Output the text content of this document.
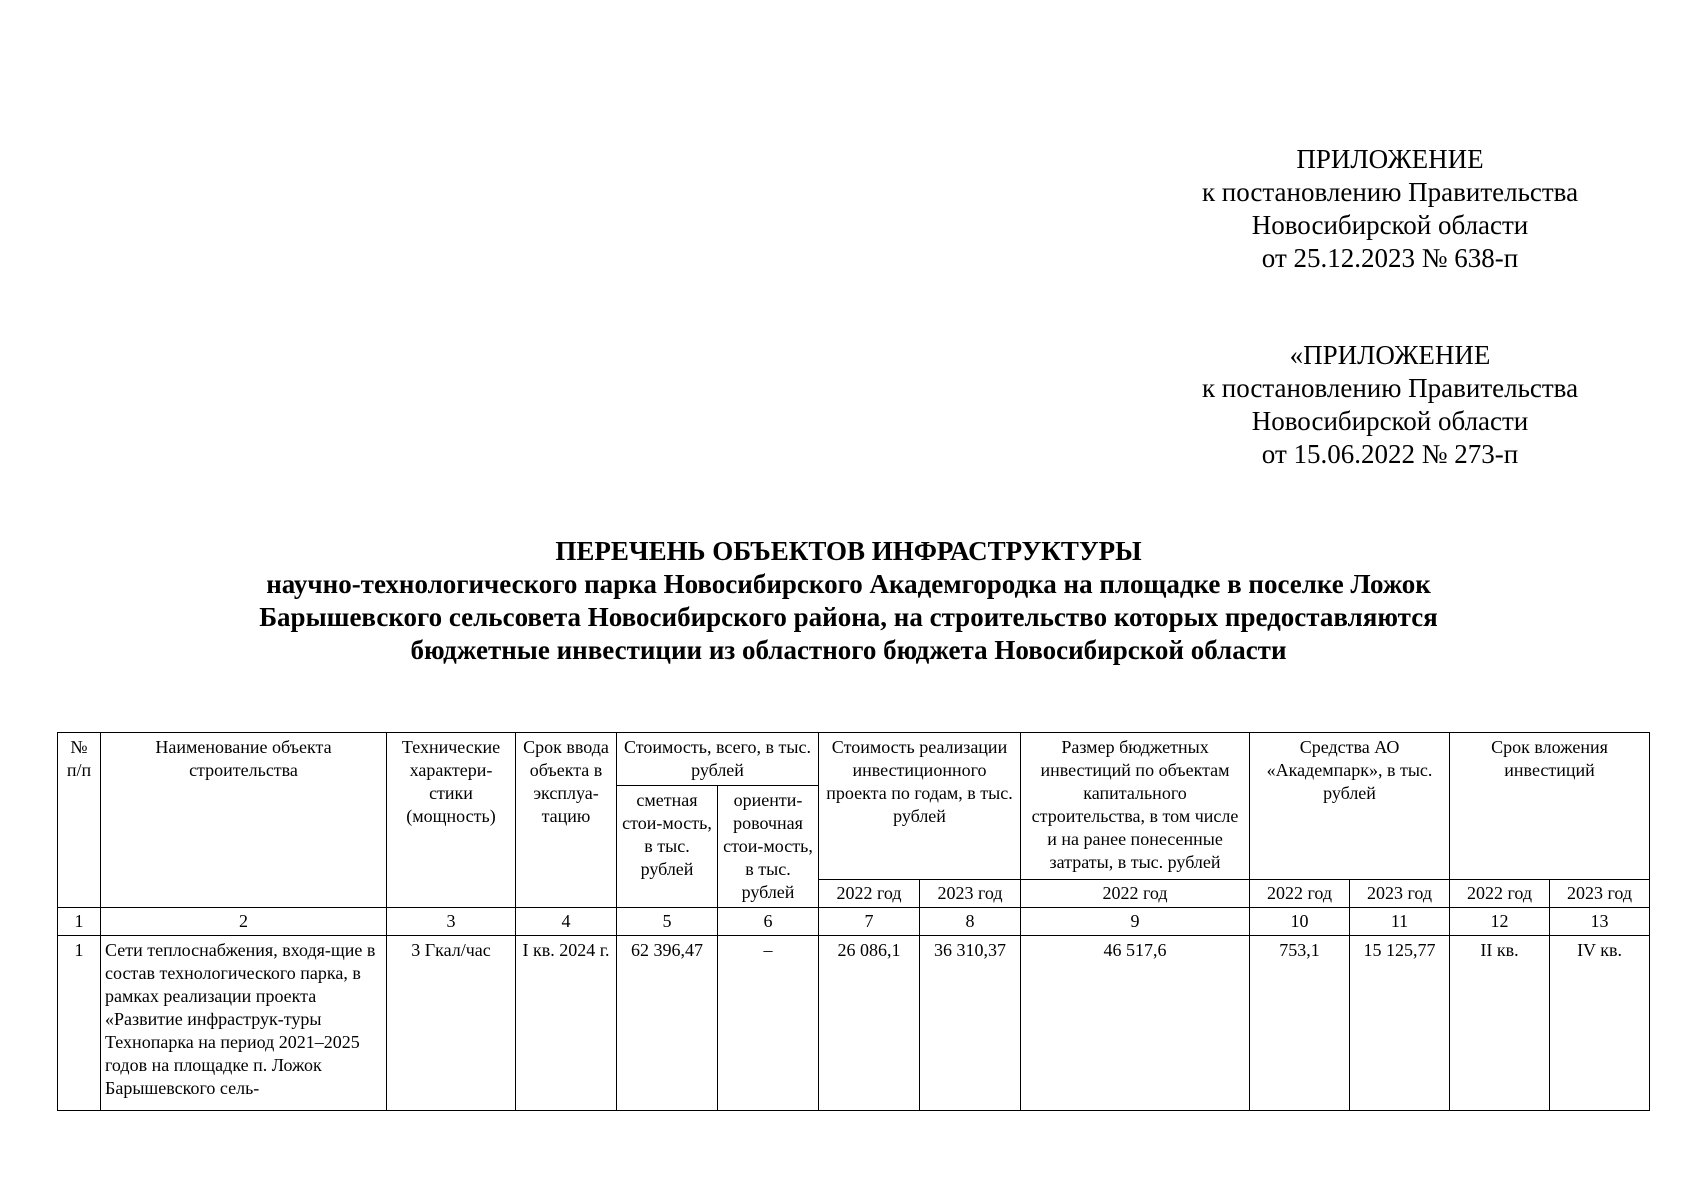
ПРИЛОЖЕНИЕ
к постановлению Правительства
Новосибирской области
от 25.12.2023 № 638-п
«ПРИЛОЖЕНИЕ
к постановлению Правительства
Новосибирской области
от 15.06.2022 № 273-п
ПЕРЕЧЕНЬ ОБЪЕКТОВ ИНФРАСТРУКТУРЫ
научно-технологического парка Новосибирского Академгородка на площадке в поселке Ложок
Барышевского сельсовета Новосибирского района, на строительство которых предоставляются
бюджетные инвестиции из областного бюджета Новосибирской области
№ п/п	Наименование объекта строительства	Технические характери-стики (мощность)	Срок ввода объекта в эксплуа-тацию	Стоимость, всего, в тыс. рублей		Стоимость реализации инвестиционного проекта по годам, в тыс. рублей		Размер бюджетных инвестиций по объектам капитального строительства, в том числе и на ранее понесенные затраты, в тыс. рублей	Средства АО «Академпарк», в тыс. рублей		Срок вложения инвестиций	
				сметная стои-мость, в тыс. рублей	ориенти-ровочная стои-мость, в тыс. рублей							
						2022 год	2023 год	2022 год	2022 год	2023 год	2022 год	2023 год
1	2	3	4	5	6	7	8	9	10	11	12	13
1	Сети теплоснабжения, входя-щие в состав технологического парка, в рамках реализации проекта «Развитие инфраструк-туры Технопарка на период 2021–2025 годов на площадке п. Ложок Барышевского сель-	3 Гкал/час	I кв. 2024 г.	62 396,47	–	26 086,1	36 310,37	46 517,6	753,1	15 125,77	II кв.	IV кв.
